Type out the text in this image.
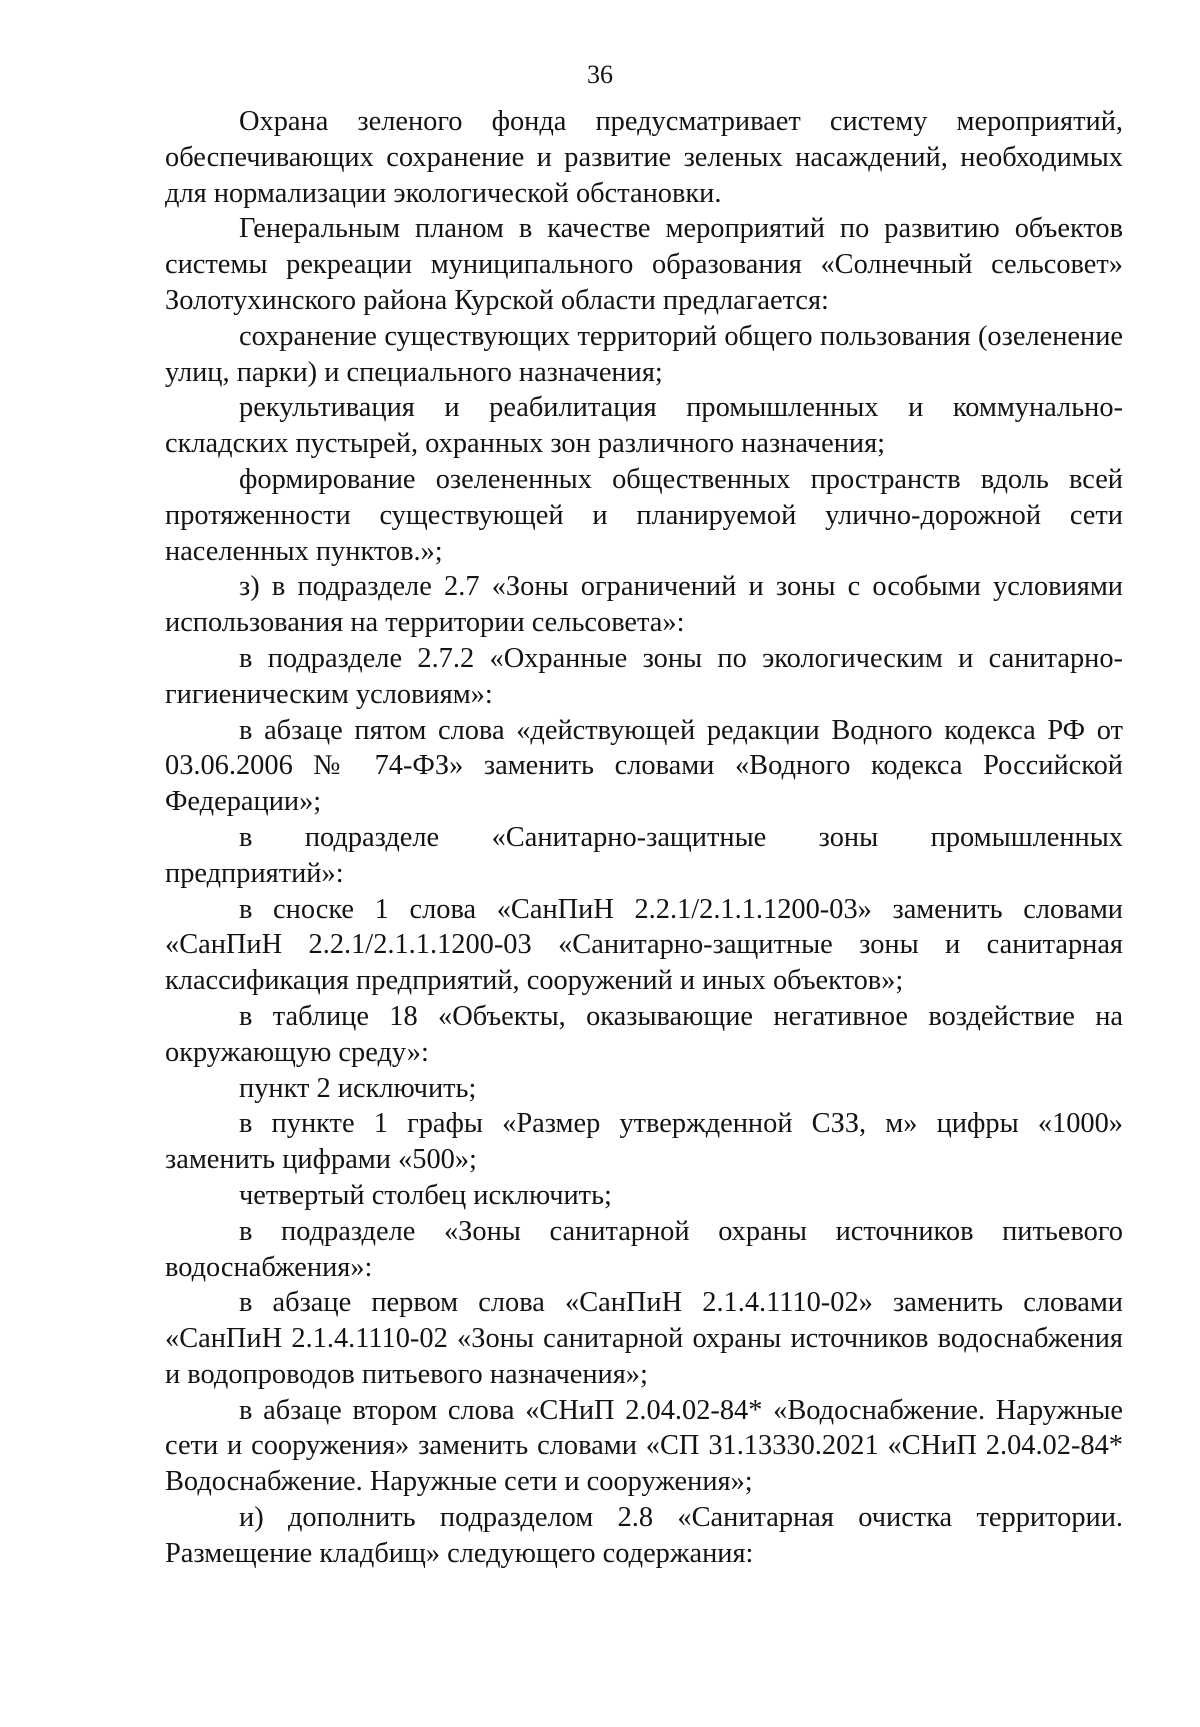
36

Охрана зеленого фонда предусматривает систему мероприятий, обеспечивающих сохранение и развитие зеленых насаждений, необходимых для нормализации экологической обстановки.

Генеральным планом в качестве мероприятий по развитию объектов системы рекреации муниципального образования «Солнечный сельсовет» Золотухинского района Курской области предлагается:

сохранение существующих территорий общего пользования (озеленение улиц, парки) и специального назначения;

рекультивация и реабилитация промышленных и коммунально-складских пустырей, охранных зон различного назначения;

формирование озелененных общественных пространств вдоль всей протяженности существующей и планируемой улично-дорожной сети населенных пунктов.»;

з) в подразделе 2.7 «Зоны ограничений и зоны с особыми условиями использования на территории сельсовета»:

в подразделе 2.7.2 «Охранные зоны по экологическим и санитарно-гигиеническим условиям»:

в абзаце пятом слова «действующей редакции Водного кодекса РФ от 03.06.2006 № 74-ФЗ» заменить словами «Водного кодекса Российской Федерации»;

в подразделе «Санитарно-защитные зоны промышленных предприятий»:

в сноске 1 слова «СанПиН 2.2.1/2.1.1.1200-03» заменить словами «СанПиН 2.2.1/2.1.1.1200-03 «Санитарно-защитные зоны и санитарная классификация предприятий, сооружений и иных объектов»;

в таблице 18 «Объекты, оказывающие негативное воздействие на окружающую среду»:

пункт 2 исключить;

в пункте 1 графы «Размер утвержденной СЗЗ, м» цифры «1000» заменить цифрами «500»;

четвертый столбец исключить;

в подразделе «Зоны санитарной охраны источников питьевого водоснабжения»:

в абзаце первом слова «СанПиН 2.1.4.1110-02» заменить словами «СанПиН 2.1.4.1110-02 «Зоны санитарной охраны источников водоснабжения и водопроводов питьевого назначения»;

в абзаце втором слова «СНиП 2.04.02-84* «Водоснабжение. Наружные сети и сооружения» заменить словами «СП 31.13330.2021 «СНиП 2.04.02-84* Водоснабжение. Наружные сети и сооружения»;

и) дополнить подразделом 2.8 «Санитарная очистка территории. Размещение кладбищ» следующего содержания:
